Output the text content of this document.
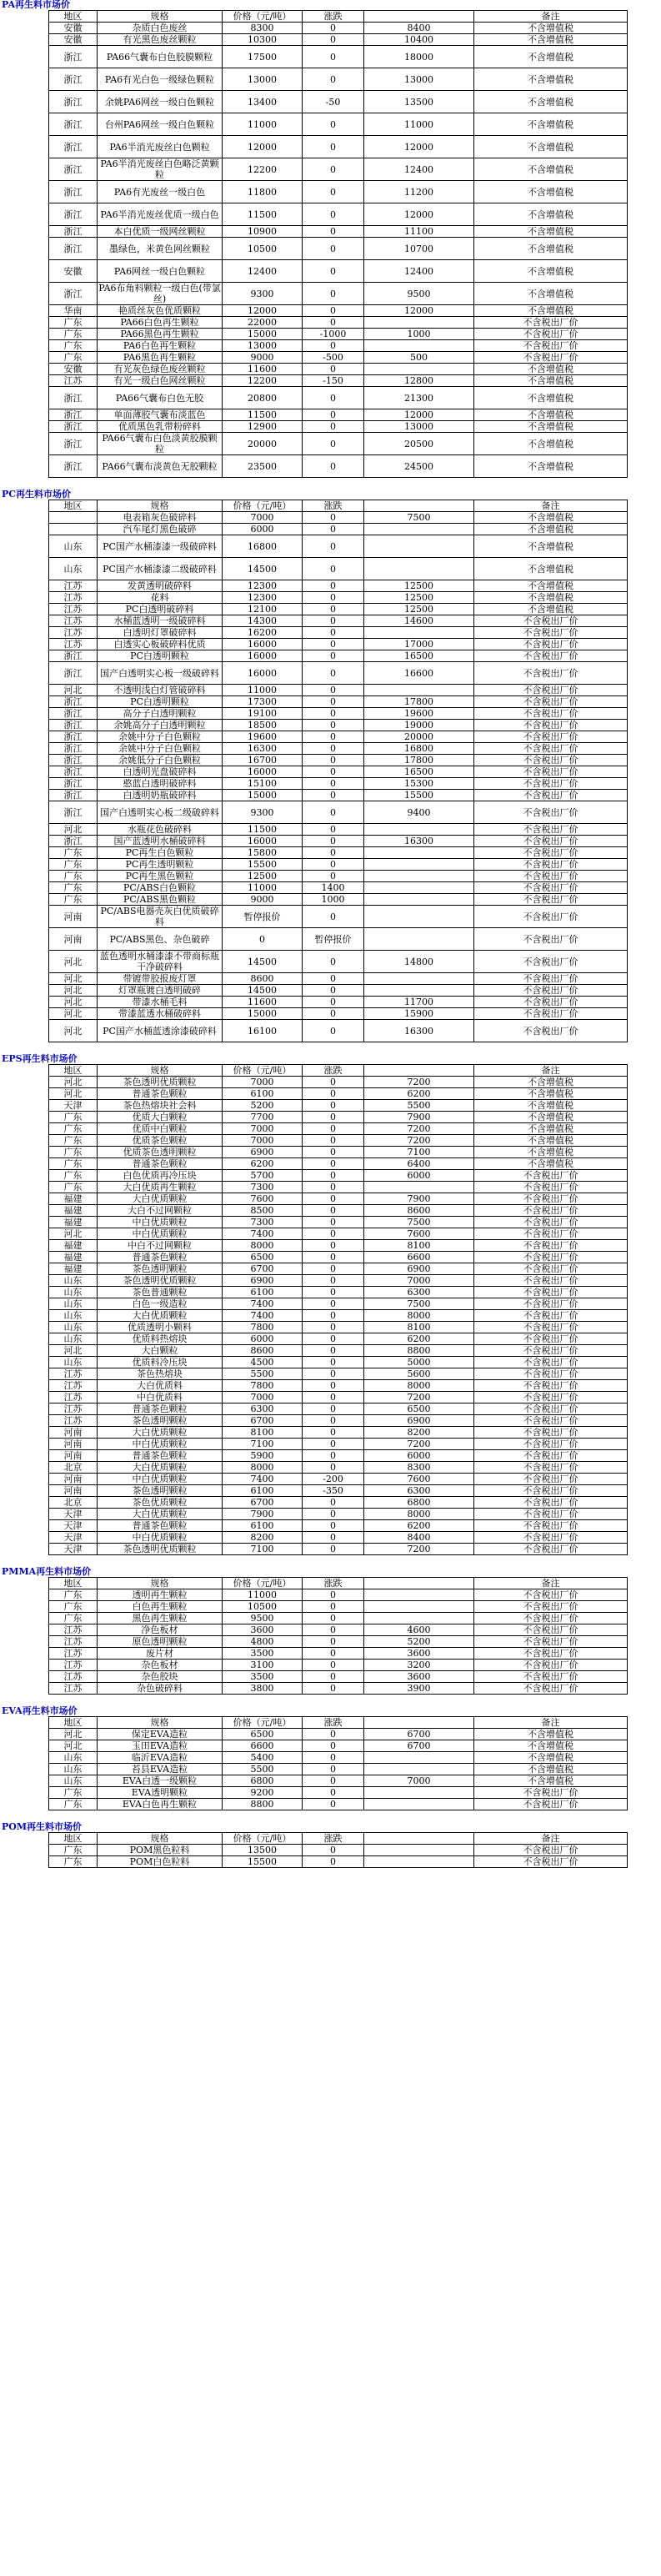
PA再生料市场价
地区	规格	价格（元/吨）	涨跌		备注
安徽	杂质白色废丝	8300	0	8400	不含增值税
安徽	有光黑色废丝颗粒	10300	0	10400	不含增值税
浙江	PA66气囊布白色胶膜颗粒	17500	0	18000	不含增值税
浙江	PA6有光白色一级绿色颗粒	13000	0	13000	不含增值税
浙江	余姚PA6网丝一级白色颗粒	13400	-50	13500	不含增值税
浙江	台州PA6网丝一级白色颗粒	11000	0	11000	不含增值税
浙江	PA6半消光废丝白色颗粒	12000	0	12000	不含增值税
浙江	PA6半消光废丝白色略泛黄颗粒	12200	0	12400	不含增值税
浙江	PA6有光废丝一级白色	11800	0	11200	不含增值税
浙江	PA6半消光废丝优质一级白色	11500	0	12000	不含增值税
浙江	本白优质一级网丝颗粒	10900	0	11100	不含增值税
浙江	墨绿色，米黄色网丝颗粒	10500	0	10700	不含增值税
安徽	PA6网丝一级白色颗粒	12400	0	12400	不含增值税
浙江	PA6布角料颗粒一级白色(带氯丝)	9300	0	9500	不含增值税
华南	艳质丝灰色优质颗粒	12000	0	12000	不含增值税
广东	PA66白色再生颗粒	22000	0		不含税出厂价
广东	PA66黑色再生颗粒	15000	-1000	1000	不含税出厂价
广东	PA6白色再生颗粒	13000	0		不含税出厂价
广东	PA6黑色再生颗粒	9000	-500	500	不含税出厂价
安徽	有光灰色绿色废丝颗粒	11600	0		不含增值税
江苏	有光一级白色网丝颗粒	12200	-150	12800	不含增值税
浙江	PA66气囊布白色无胶	20800	0	21300	不含增值税
浙江	单面薄胶气囊布淡蓝色	11500	0	12000	不含增值税
浙江	优质黑色乳带粉碎料	12900	0	13000	不含增值税
浙江	PA66气囊布白色淡黄胶膜颗粒	20000	0	20500	不含增值税
浙江	PA66气囊布淡黄色无胶颗粒	23500	0	24500	不含增值税
PC再生料市场价
地区	规格	价格（元/吨）	涨跌		备注
	电表箱灰色破碎料	7000	0	7500	不含增值税
	汽车尾灯黑色破碎	6000	0		不含增值税
山东	PC国产水桶漆漆一级破碎料	16800	0		不含增值税
山东	PC国产水桶漆漆二级破碎料	14500	0		不含增值税
江苏	发黄透明破碎料	12300	0	12500	不含增值税
江苏	花料	12300	0	12500	不含增值税
江苏	PC白透明破碎料	12100	0	12500	不含增值税
江苏	水桶蓝透明一级破碎料	14300	0	14600	不含税出厂价
江苏	白透明灯罩破碎料	16200	0		不含税出厂价
江苏	白透实心板破碎料优质	16000	0	17000	不含税出厂价
浙江	PC白透明颗粒	16000	0	16500	不含税出厂价
浙江	国产白透明实心板一级破碎料	16000	0	16600	不含税出厂价
河北	不透明浅白灯管破碎料	11000	0		不含税出厂价
浙江	PC白透明颗粒	17300	0	17800	不含税出厂价
浙江	高分子白透明颗粒	19100	0	19600	不含税出厂价
浙江	余姚高分子白透明颗粒	18500	0	19000	不含税出厂价
浙江	余姚中分子白色颗粒	19600	0	20000	不含税出厂价
浙江	余姚中分子白色颗粒	16300	0	16800	不含税出厂价
浙江	余姚低分子白色颗粒	16700	0	17800	不含税出厂价
浙江	白透明光盘破碎料	16000	0	16500	不含税出厂价
浙江	憨蓝白透明破碎料	15100	0	15300	不含税出厂价
浙江	白透明奶瓶破碎料	15000	0	15500	不含税出厂价
浙江	国产白透明实心板二级破碎料	9300	0	9400	不含税出厂价
河北	水瓶花色破碎料	11500	0		不含税出厂价
浙江	国产蓝透明水桶破碎料	16000	0	16300	不含税出厂价
广东	PC再生白色颗粒	15800	0		不含税出厂价
广东	PC再生透明颗粒	15500	0		不含税出厂价
广东	PC再生黑色颗粒	12500	0		不含税出厂价
广东	PC/ABS白色颗粒	11000	1400		不含税出厂价
广东	PC/ABS黑色颗粒	9000	1000		不含税出厂价
河南	PC/ABS电器壳灰白优质破碎料	暂停报价	0		不含税出厂价
河南	PC/ABS黑色、杂色破碎	0	暂停报价		不含税出厂价
河北	蓝色透明水桶漆漆不带商标瓶干净破碎料	14500	0	14800	不含税出厂价
河北	带镀带胶报废灯罩	8600	0		不含税出厂价
河北	灯罩瓶镀白透明破碎	14500	0		不含税出厂价
河北	带漆水桶毛料	11600	0	11700	不含税出厂价
河北	带漆蓝透水桶破碎料	15000	0	15900	不含税出厂价
河北	PC国产水桶蓝透涂漆破碎料	16100	0	16300	不含税出厂价
EPS再生料市场价
地区	规格	价格（元/吨）	涨跌		备注
河北	茶色透明优质颗粒	7000	0	7200	不含增值税
河北	普通茶色颗粒	6100	0	6200	不含增值税
天津	茶色热熔块社会料	5200	0	5500	不含增值税
广东	优质大白颗粒	7700	0	7900	不含增值税
广东	优质中白颗粒	7000	0	7200	不含增值税
广东	优质茶色颗粒	7000	0	7200	不含增值税
广东	优质茶色透明颗粒	6900	0	7100	不含增值税
广东	普通茶色颗粒	6200	0	6400	不含增值税
广东	白色优质再冷压块	5700	0	6000	不含税出厂价
广东	大白优质再生颗粒	7300	0		不含税出厂价
福建	大白优质颗粒	7600	0	7900	不含税出厂价
福建	大白不过网颗粒	8500	0	8600	不含税出厂价
福建	中白优质颗粒	7300	0	7500	不含税出厂价
河北	中白优质颗粒	7400	0	7600	不含税出厂价
福建	中白不过网颗粒	8000	0	8100	不含税出厂价
福建	普通茶色颗粒	6500	0	6600	不含税出厂价
福建	茶色透明颗粒	6700	0	6900	不含税出厂价
山东	茶色透明优质颗粒	6900	0	7000	不含税出厂价
山东	茶色普通颗粒	6100	0	6300	不含税出厂价
山东	白色一级造粒	7400	0	7500	不含税出厂价
山东	大白优质颗粒	7400	0	8000	不含税出厂价
山东	优质透明小颗料	7800	0	8100	不含税出厂价
山东	优质料热熔块	6000	0	6200	不含税出厂价
河北	大白颗粒	8600	0	8800	不含税出厂价
山东	优质料冷压块	4500	0	5000	不含税出厂价
江苏	茶色热熔块	5500	0	5600	不含税出厂价
江苏	大白优质料	7800	0	8000	不含税出厂价
江苏	中白优质料	7000	0	7200	不含税出厂价
江苏	普通茶色颗粒	6300	0	6500	不含税出厂价
江苏	茶色透明颗粒	6700	0	6900	不含税出厂价
河南	大白优质颗粒	8100	0	8200	不含税出厂价
河南	中白优质颗粒	7100	0	7200	不含税出厂价
河南	普通茶色颗粒	5900	0	6000	不含税出厂价
北京	大白优质颗粒	8000	0	8300	不含税出厂价
河南	中白优质颗粒	7400	-200	7600	不含税出厂价
河南	茶色透明颗粒	6100	-350	6300	不含税出厂价
北京	茶色优质颗粒	6700	0	6800	不含税出厂价
天津	大白优质颗粒	7900	0	8000	不含税出厂价
天津	普通茶色颗粒	6100	0	6200	不含税出厂价
天津	中白优质颗粒	8200	0	8400	不含税出厂价
天津	茶色透明优质颗粒	7100	0	7200	不含税出厂价
PMMA再生料市场价
地区	规格	价格（元/吨）	涨跌		备注
广东	透明再生颗粒	11000	0		不含税出厂价
广东	白色再生颗粒	10500	0		不含税出厂价
广东	黑色再生颗粒	9500	0		不含税出厂价
江苏	净色板材	3600	0	4600	不含税出厂价
江苏	原色透明颗粒	4800	0	5200	不含税出厂价
江苏	废片材	3500	0	3600	不含税出厂价
江苏	杂色板材	3100	0	3200	不含税出厂价
江苏	杂色胶块	3500	0	3600	不含税出厂价
江苏	杂色破碎料	3800	0	3900	不含税出厂价
EVA再生料市场价
地区	规格	价格（元/吨）	涨跌		备注
河北	保定EVA造粒	6500	0	6700	不含增值税
河北	玉田EVA造粒	6600	0	6700	不含增值税
山东	临沂EVA造粒	5400	0		不含增值税
山东	苔县EVA造粒	5500	0		不含增值税
山东	EVA白透一级颗粒	6800	0	7000	不含增值税
广东	EVA透明颗粒	9200	0		不含税出厂价
广东	EVA白色再生颗粒	8800	0		不含税出厂价
POM再生料市场价
地区	规格	价格（元/吨）	涨跌		备注
广东	POM黑色粒料	13500	0		不含税出厂价
广东	POM白色粒料	15500	0		不含税出厂价
